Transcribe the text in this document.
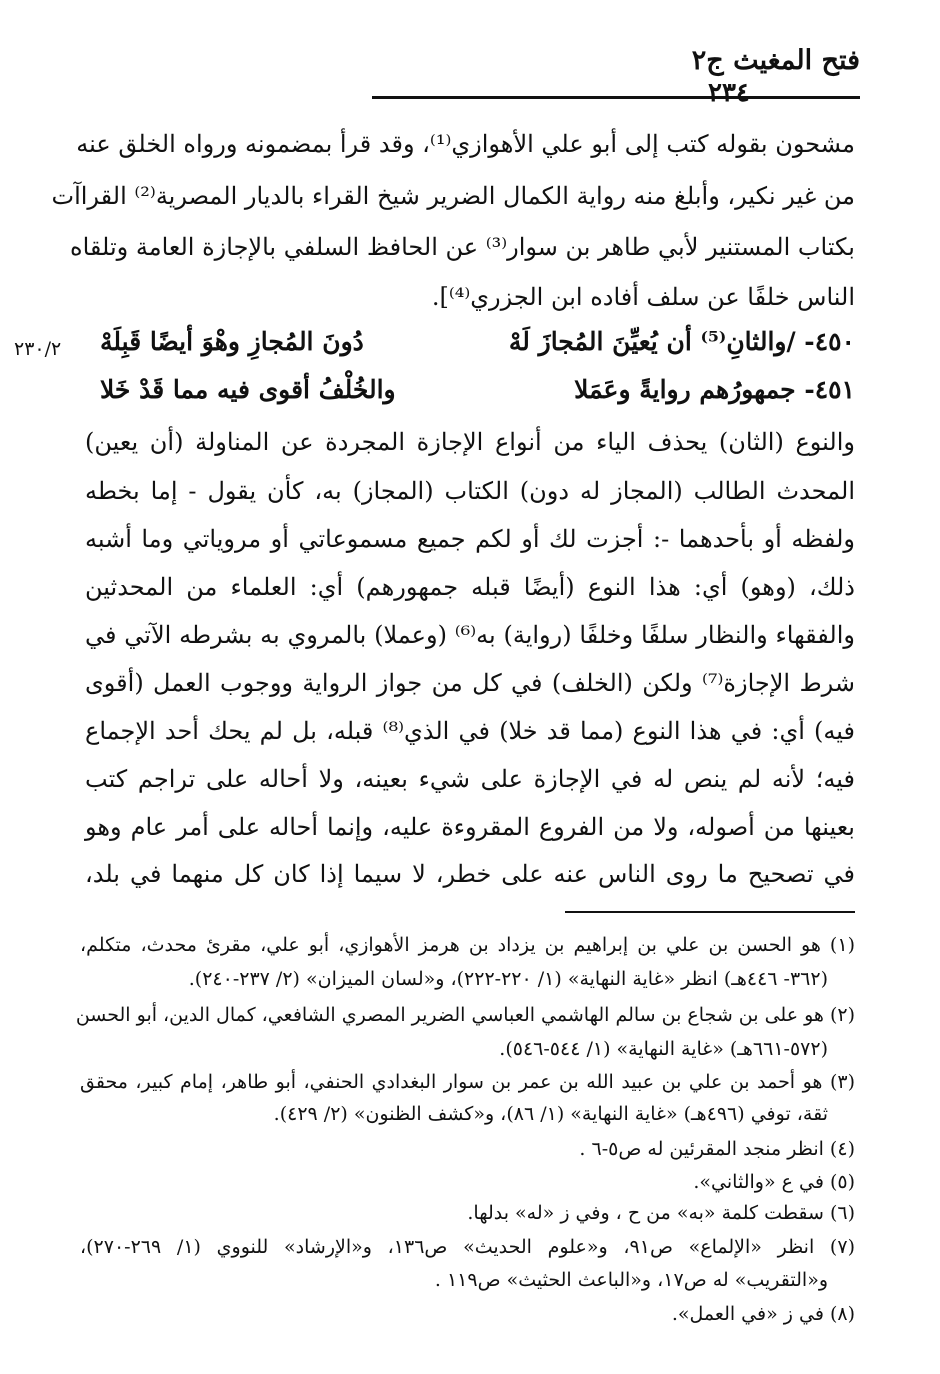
فتح المغيث ج٢
٢٣٤
مشحون بقوله كتب إلى أبو علي الأهوازي⁽¹⁾، وقد قرأ بمضمونه ورواه الخلق عنه
من غير نكير، وأبلغ منه رواية الكمال الضرير شيخ القراء بالديار المصرية⁽²⁾ القراآت
بكتاب المستنير لأبي طاهر بن سوار⁽³⁾ عن الحافظ السلفي بالإجازة العامة وتلقاه
الناس خلفًا عن سلف أفاده ابن الجزري⁽⁴⁾].
٢٣٠/٢	٤٥٠- /والثانِ⁽⁵⁾ أن يُعيِّنَ المُجازَ لَهْ
دُونَ المُجازِ وهْوَ أيضًا قَبِلَهْ
٤٥١- جمهورُهم روايةً وعَمَلا
والخُلْفُ أقوى فيه مما قَدْ خَلا
والنوع (الثان) يحذف الياء من أنواع الإجازة المجردة عن المناولة (أن يعين)
المحدث الطالب (المجاز له دون) الكتاب (المجاز) به، كأن يقول - إما بخطه
ولفظه أو بأحدهما -: أجزت لك أو لكم جميع مسموعاتي أو مروياتي وما أشبه
ذلك، (وهو) أي: هذا النوع (أيضًا قبله جمهورهم) أي: العلماء من المحدثين
والفقهاء والنظار سلفًا وخلفًا (رواية) به⁽⁶⁾ (وعملا) بالمروي به بشرطه الآتي في
شرط الإجازة⁽⁷⁾ ولكن (الخلف) في كل من جواز الرواية ووجوب العمل (أقوى
فيه) أي: في هذا النوع (مما قد خلا) في الذي⁽⁸⁾ قبله، بل لم يحك أحد الإجماع
فيه؛ لأنه لم ينص له في الإجازة على شيء بعينه، ولا أحاله على تراجم كتب
بعينها من أصوله، ولا من الفروع المقروءة عليه، وإنما أحاله على أمر عام وهو
في تصحيح ما روى الناس عنه على خطر، لا سيما إذا كان كل منهما في بلد،
(١) هو الحسن بن علي بن إبراهيم بن يزداد بن هرمز الأهوازي، أبو علي، مقرئ محدث، متكلم،
(٣٦٢- ٤٤٦هـ) انظر «غاية النهاية» (١/ ٢٢٠-٢٢٢)، و«لسان الميزان» (٢/ ٢٣٧-٢٤٠).
(٢) هو على بن شجاع بن سالم الهاشمي العباسي الضرير المصري الشافعي، كمال الدين، أبو الحسن
(٥٧٢-٦٦١هـ) «غاية النهاية» (١/ ٥٤٤-٥٤٦).
(٣) هو أحمد بن علي بن عبيد الله بن عمر بن سوار البغدادي الحنفي، أبو طاهر، إمام كبير، محقق
ثقة، توفي (٤٩٦هـ) «غاية النهاية» (١/ ٨٦)، و«كشف الظنون» (٢/ ٤٢٩).
(٤) انظر منجد المقرئين له ص٥-٦ .
(٥) في ع «والثاني».
(٦) سقطت كلمة «به» من ح ، وفي ز «له» بدلها.
(٧) انظر «الإلماع» ص٩١، و«علوم الحديث» ص١٣٦، و«الإرشاد» للنووي (١/ ٢٦٩-٢٧٠)،
و«التقريب» له ص١٧، و«الباعث الحثيث» ص١١٩ .
(٨) في ز «في العمل».
